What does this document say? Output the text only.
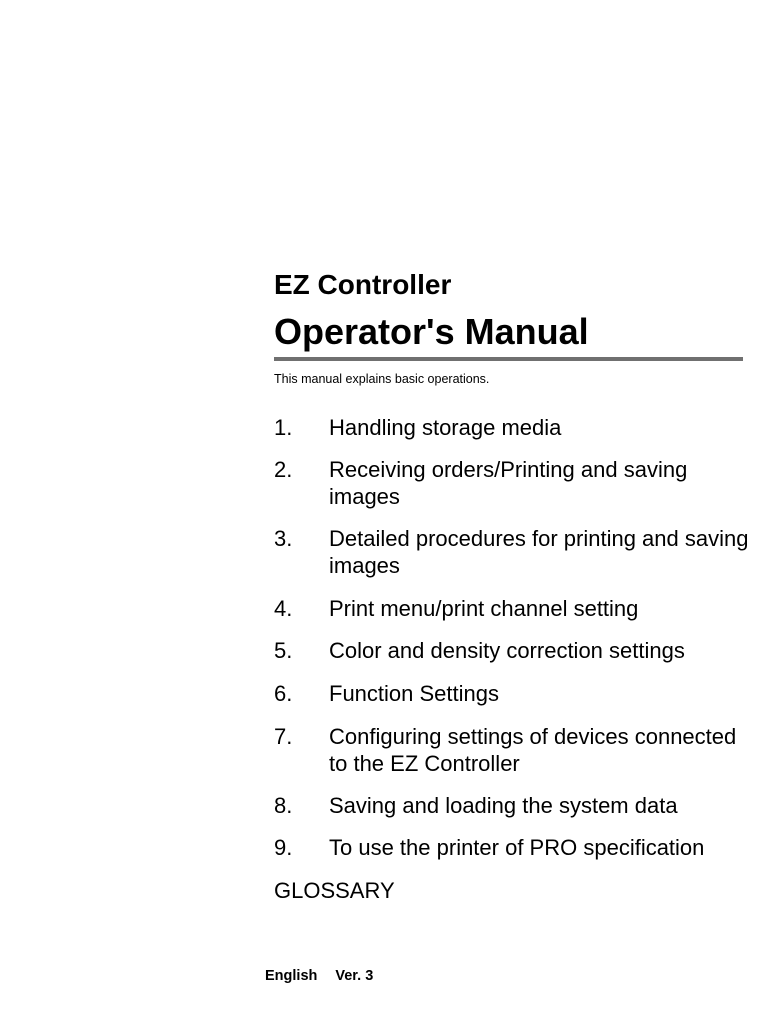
EZ Controller
Operator's Manual
This manual explains basic operations.
1. Handling storage media
2. Receiving orders/Printing and saving images
3. Detailed procedures for printing and saving images
4. Print menu/print channel setting
5. Color and density correction settings
6. Function Settings
7. Configuring settings of devices connected to the EZ Controller
8. Saving and loading the system data
9. To use the printer of PRO specification
GLOSSARY
English Ver. 3
